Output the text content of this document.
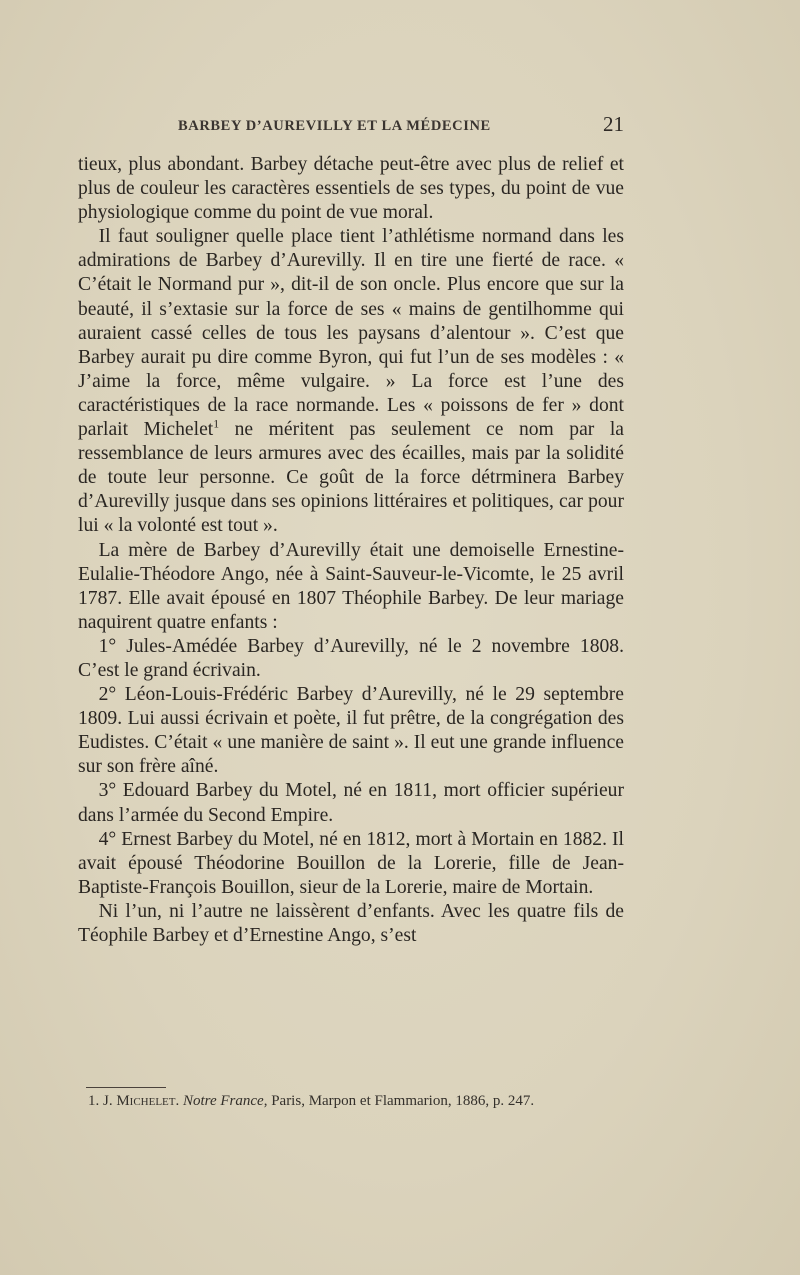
BARBEY D’AUREVILLY ET LA MÉDECINE	21

tieux, plus abondant. Barbey détache peut-être avec plus de relief et plus de couleur les caractères essentiels de ses types, du point de vue physiologique comme du point de vue moral.

Il faut souligner quelle place tient l’athlétisme normand dans les admirations de Barbey d’Aurevilly. Il en tire une fierté de race. « C’était le Normand pur », dit-il de son oncle. Plus encore que sur la beauté, il s’extasie sur la force de ses « mains de gentilhomme qui auraient cassé celles de tous les paysans d’alentour ». C’est que Barbey aurait pu dire comme Byron, qui fut l’un de ses modèles : « J’aime la force, même vulgaire. » La force est l’une des caractéristiques de la race normande. Les « poissons de fer » dont parlait Michelet$^1$ ne méritent pas seulement ce nom par la ressemblance de leurs armures avec des écailles, mais par la solidité de toute leur personne. Ce goût de la force détrminera Barbey d’Aurevilly jusque dans ses opinions littéraires et politiques, car pour lui « la volonté est tout ».

La mère de Barbey d’Aurevilly était une demoiselle Ernestine-Eulalie-Théodore Ango, née à Saint-Sauveur-le-Vicomte, le 25 avril 1787. Elle avait épousé en 1807 Théophile Barbey. De leur mariage naquirent quatre enfants :

1° Jules-Amédée Barbey d’Aurevilly, né le 2 novembre 1808. C’est le grand écrivain.

2° Léon-Louis-Frédéric Barbey d’Aurevilly, né le 29 septembre 1809. Lui aussi écrivain et poète, il fut prêtre, de la congrégation des Eudistes. C’était « une manière de saint ». Il eut une grande influence sur son frère aîné.

3° Edouard Barbey du Motel, né en 1811, mort officier supérieur dans l’armée du Second Empire.

4° Ernest Barbey du Motel, né en 1812, mort à Mortain en 1882. Il avait épousé Théodorine Bouillon de la Lorerie, fille de Jean-Baptiste-François Bouillon, sieur de la Lorerie, maire de Mortain.

Ni l’un, ni l’autre ne laissèrent d’enfants. Avec les quatre fils de Téophile Barbey et d’Ernestine Ango, s’est

1. J. Michelet. Notre France, Paris, Marpon et Flammarion, 1886, p. 247.
